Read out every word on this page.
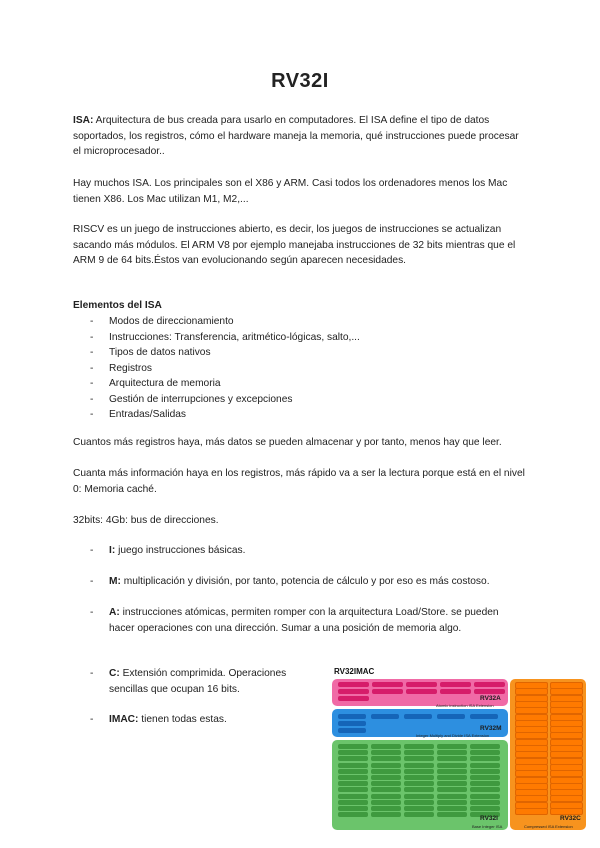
RV32I

ISA: Arquitectura de bus creada para usarlo en computadores. El ISA define el tipo de datos soportados, los registros, cómo el hardware maneja la memoria, qué instrucciones puede procesar el microprocesador..

Hay muchos ISA. Los principales son el X86 y ARM. Casi todos los ordenadores menos los Mac tienen X86. Los Mac utilizan M1, M2,...

RISCV es un juego de instrucciones abierto, es decir, los juegos de instrucciones se actualizan sacando más módulos. El ARM V8 por ejemplo manejaba instrucciones de 32 bits mientras que el ARM 9 de 64 bits.Éstos van evolucionando según aparecen necesidades.

Elementos del ISA

- Modos de direccionamiento
- Instrucciones: Transferencia, aritmético-lógicas, salto,...
- Tipos de datos nativos
- Registros
- Arquitectura de memoria
- Gestión de interrupciones y excepciones
- Entradas/Salidas

Cuantos más registros haya, más datos se pueden almacenar y por tanto, menos hay que leer.

Cuanta más información haya en los registros, más rápido va a ser la lectura porque está en el nivel 0: Memoria caché.

32bits: 4Gb: bus de direcciones.

- I: juego instrucciones básicas.
- M: multiplicación y división, por tanto, potencia de cálculo y por eso es más costoso.
- A: instrucciones atómicas, permiten romper con la arquitectura Load/Store. se pueden hacer operaciones con una dirección. Sumar a una posición de memoria algo.
- C: Extensión comprimida. Operaciones sencillas que ocupan 16 bits.
- IMAC: tienen todas estas.
RV32IMAC
RV32A
Atomic instruction ISA Extension
RV32M
Integer Multiply and Divide ISA Extension
RV32I
Base Integer ISA
RV32C
Compressed ISA Extension
